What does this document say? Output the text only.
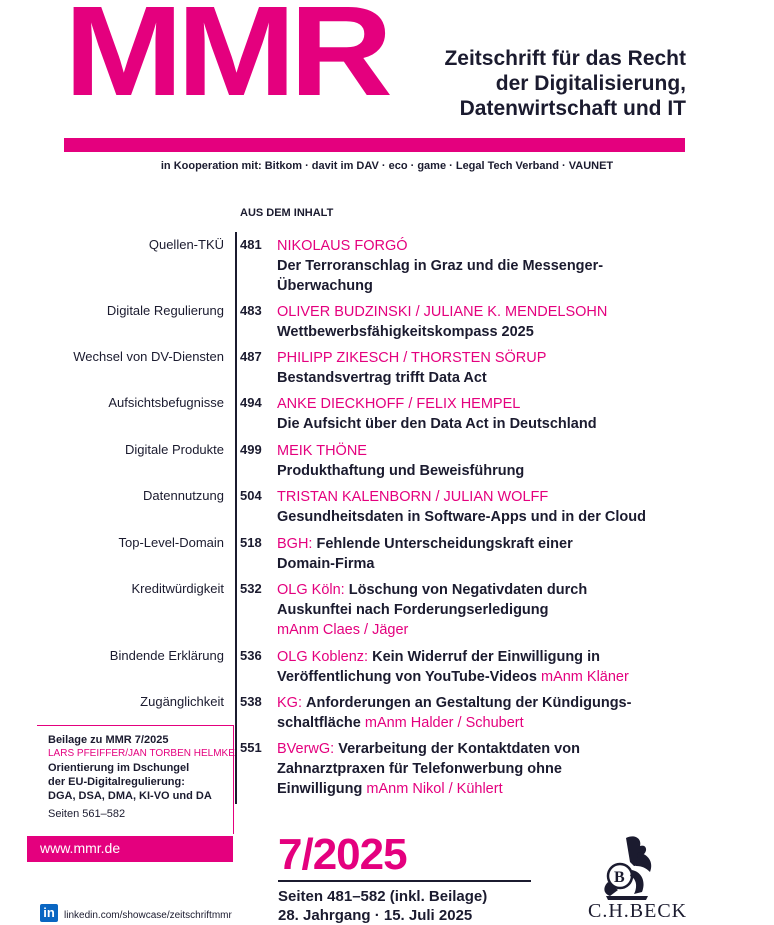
MMR	Zeitschrift für das Recht
der Digitalisierung,
Datenwirtschaft und IT
in Kooperation mit: Bitkom · davit im DAV · eco · game · Legal Tech Verband · VAUNET
AUS DEM INHALT
Quellen-TKÜ 481 NIKOLAUS FORGÓ
Der Terroranschlag in Graz und die Messenger-
Überwachung
Digitale Regulierung 483 OLIVER BUDZINSKI / JULIANE K. MENDELSOHN
Wettbewerbsfähigkeitskompass 2025
Wechsel von DV-Diensten 487 PHILIPP ZIKESCH / THORSTEN SÖRUP
Bestandsvertrag trifft Data Act
Aufsichtsbefugnisse 494 ANKE DIECKHOFF / FELIX HEMPEL
Die Aufsicht über den Data Act in Deutschland
Digitale Produkte 499 MEIK THÖNE
Produkthaftung und Beweisführung
Datennutzung 504 TRISTAN KALENBORN / JULIAN WOLFF
Gesundheitsdaten in Software-Apps und in der Cloud
Top-Level-Domain 518 BGH: Fehlende Unterscheidungskraft einer
Domain-Firma
Kreditwürdigkeit 532 OLG Köln: Löschung von Negativdaten durch
Auskunftei nach Forderungserledigung
mAnm Claes / Jäger
Bindende Erklärung 536 OLG Koblenz: Kein Widerruf der Einwilligung in
Veröffentlichung von YouTube-Videos mAnm Kläner
Zugänglichkeit 538 KG: Anforderungen an Gestaltung der Kündigungs-
schaltfläche mAnm Halder / Schubert
551 BVerwG: Verarbeitung der Kontaktdaten von
Zahnarztpraxen für Telefonwerbung ohne
Einwilligung mAnm Nikol / Kühlert
Beilage zu MMR 7/2025
LARS PFEIFFER/JAN TORBEN HELMKE
Orientierung im Dschungel
der EU-Digitalregulierung:
DGA, DSA, DMA, KI-VO und DA
Seiten 561–582
www.mmr.de	7/2025
Seiten 481–582 (inkl. Beilage)
28. Jahrgang · 15. Juli 2025
in linkedin.com/showcase/zeitschriftmmr
B
C.H.BECK
